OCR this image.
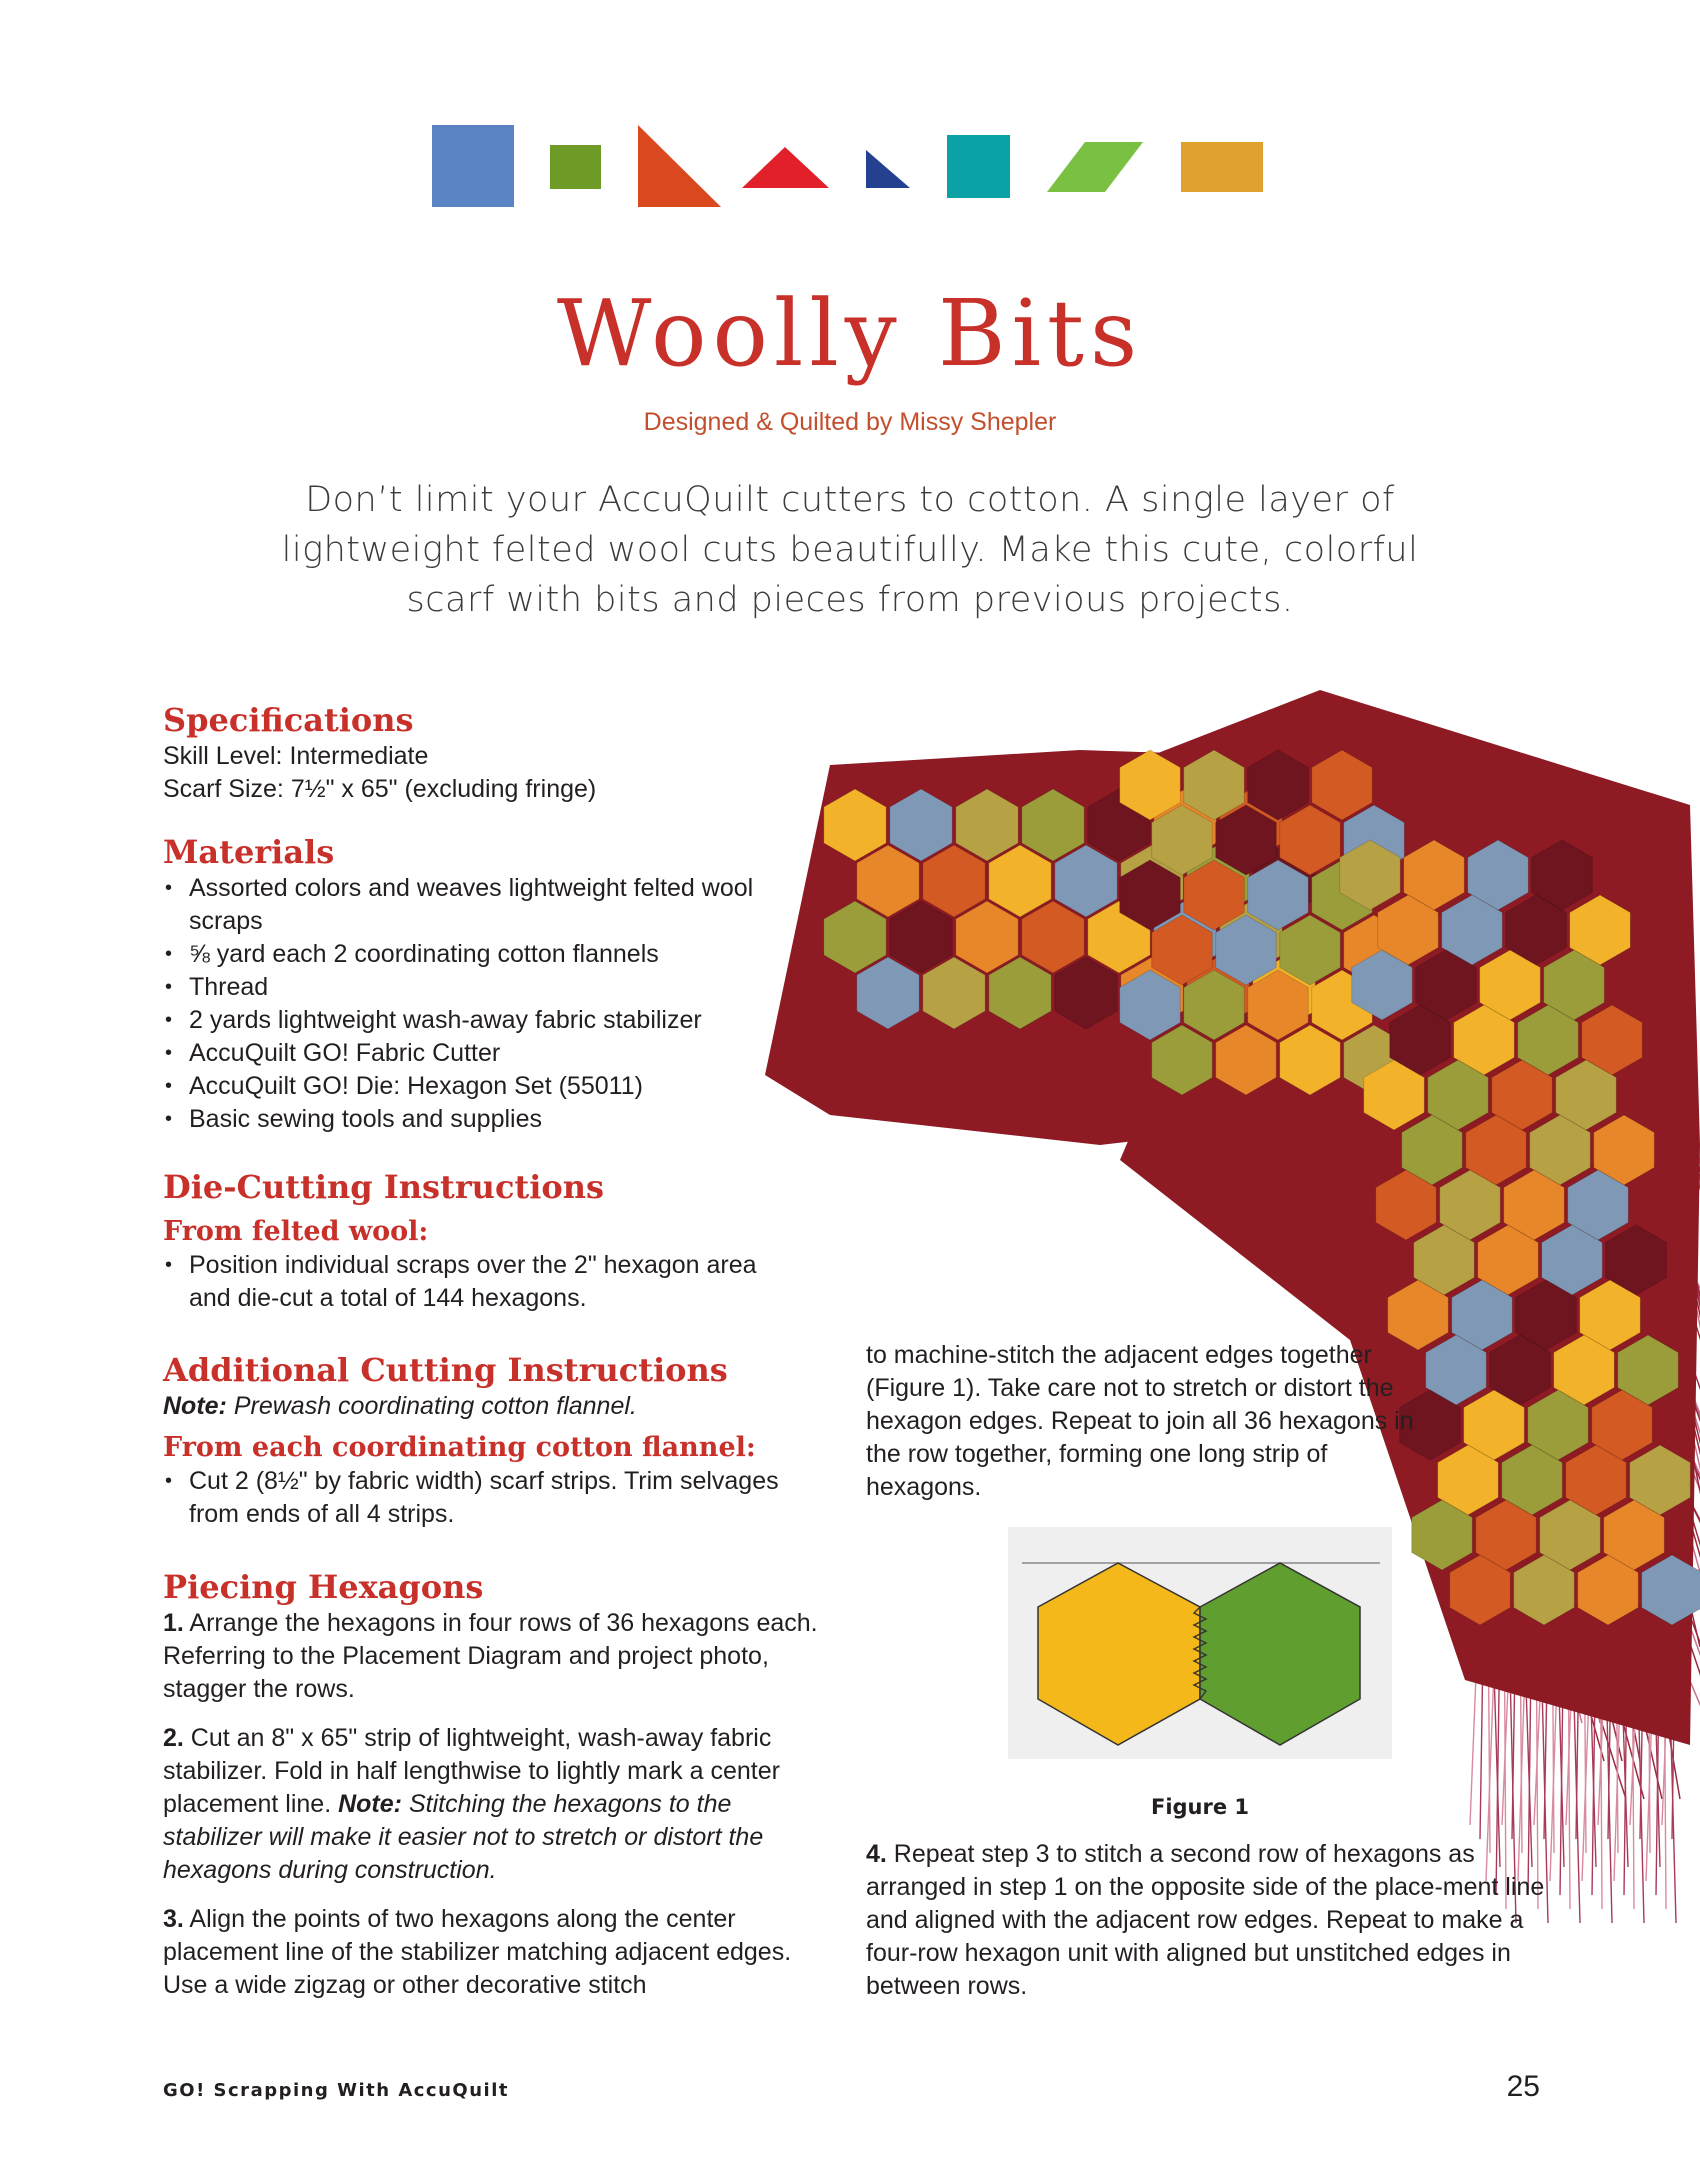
Woolly Bits
Designed & Quilted by Missy Shepler
Don’t limit your AccuQuilt cutters to cotton. A single layer of lightweight felted wool cuts beautifully. Make this cute, colorful scarf with bits and pieces from previous projects.
Specifications

Skill Level: Intermediate

Scarf Size: 7½" x 65" (excluding fringe)

Materials
• Assorted colors and weaves lightweight felted wool scraps
• ⅝ yard each 2 coordinating cotton flannels
• Thread
• 2 yards lightweight wash-away fabric stabilizer
• AccuQuilt GO! Fabric Cutter
• AccuQuilt GO! Die: Hexagon Set (55011)
• Basic sewing tools and supplies
Die-Cutting Instructions
From felted wool:
• Position individual scraps over the 2" hexagon area and die-cut a total of 144 hexagons.
Additional Cutting Instructions
Note: Prewash coordinating cotton flannel.
From each coordinating cotton flannel:
• Cut 2 (8½" by fabric width) scarf strips. Trim selvages from ends of all 4 strips.
Piecing Hexagons

1. Arrange the hexagons in four rows of 36 hexagons each. Referring to the Placement Diagram and project photo, stagger the rows.

2. Cut an 8" x 65" strip of lightweight, wash-away fabric stabilizer. Fold in half lengthwise to lightly mark a center placement line. Note: Stitching the hexagons to the stabilizer will make it easier not to stretch or distort the hexagons during construction.

3. Align the points of two hexagons along the center placement line of the stabilizer matching adjacent edges. Use a wide zigzag or other decorative stitch

to machine-stitch the adjacent edges together (Figure 1). Take care not to stretch or distort the hexagon edges. Repeat to join all 36 hexagons in the row together, forming one long strip of hexagons.
Figure 1
4. Repeat step 3 to stitch a second row of hexagons as arranged in step 1 on the opposite side of the place-ment line and aligned with the adjacent row edges. Repeat to make a four-row hexagon unit with aligned but unstitched edges in between rows.
GO! Scrapping With AccuQuilt	25
